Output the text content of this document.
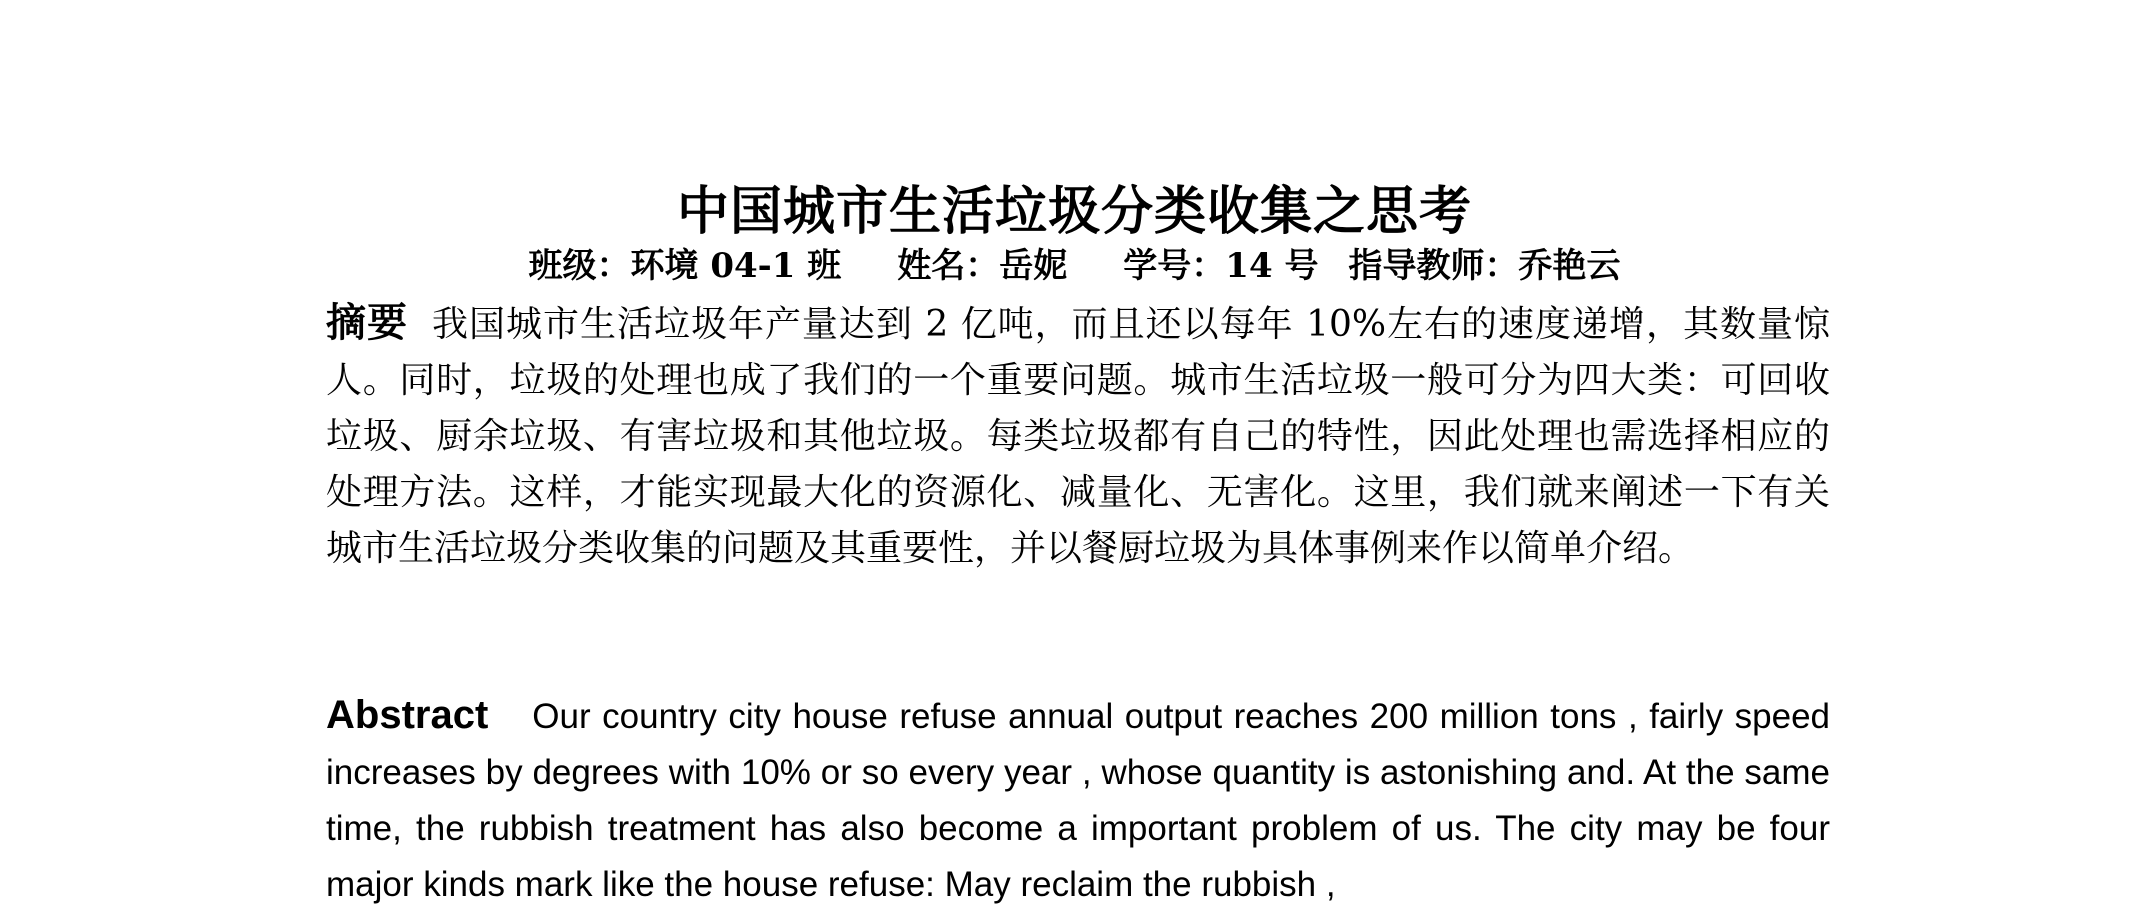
中国城市生活垃圾分类收集之思考
班级：环境 04-1 班 姓名：岳妮 学号：14 号 指导教师：乔艳云
摘要 我国城市生活垃圾年产量达到 2 亿吨，而且还以每年 10%左右的速度递增，其数量惊人。同时，垃圾的处理也成了我们的一个重要问题。城市生活垃圾一般可分为四大类：可回收垃圾、厨余垃圾、有害垃圾和其他垃圾。每类垃圾都有自己的特性，因此处理也需选择相应的处理方法。这样，才能实现最大化的资源化、减量化、无害化。这里，我们就来阐述一下有关城市生活垃圾分类收集的问题及其重要性，并以餐厨垃圾为具体事例来作以简单介绍。
Abstract Our country city house refuse annual output reaches 200 million tons , fairly speed increases by degrees with 10% or so every year , whose quantity is astonishing and. At the same time, the rubbish treatment has also become a important problem of us. The city may be four major kinds mark like the house refuse: May reclaim the rubbish ,
